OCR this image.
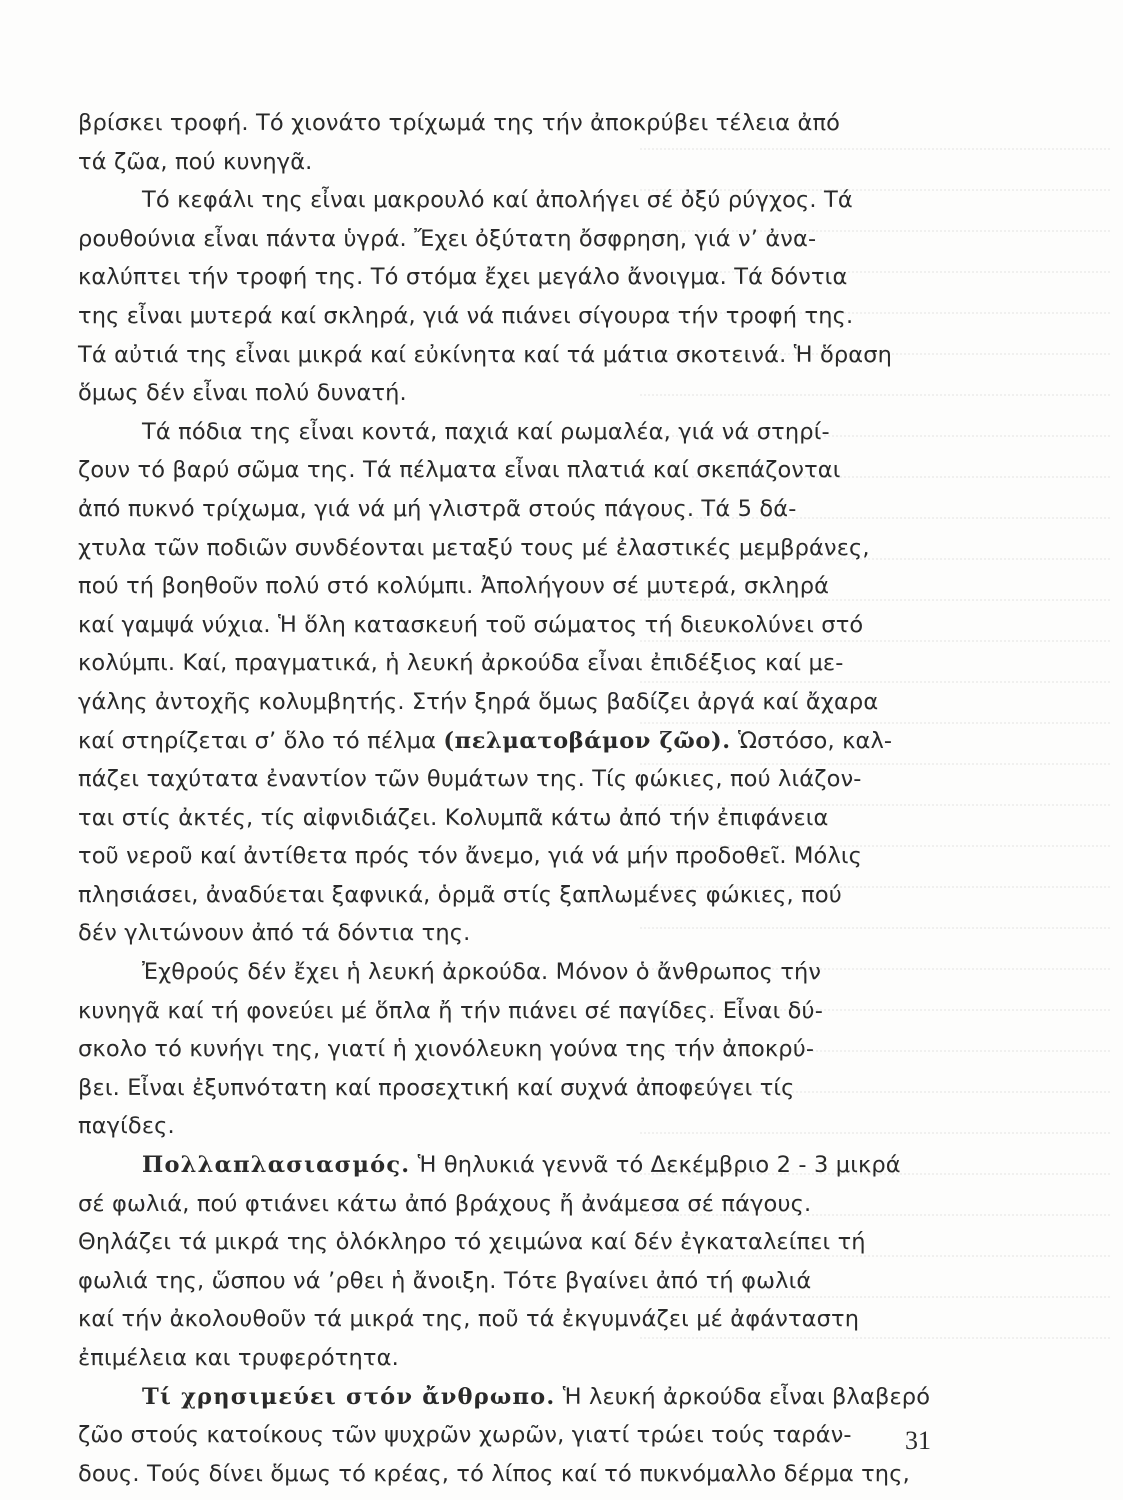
βρίσκει τροφή. Τό χιονάτο τρίχωμά της τήν ἀποκρύβει τέλεια ἀπό
τά ζῶα, πού κυνηγᾶ.

Τό κεφάλι της εἶναι μακρουλό καί ἀπολήγει σέ ὀξύ ρύγχος. Τά
ρουθούνια εἶναι πάντα ὑγρά. Ἔχει ὀξύτατη ὄσφρηση, γιά ν’ ἀνα-
καλύπτει τήν τροφή της. Τό στόμα ἔχει μεγάλο ἄνοιγμα. Τά δόντια
της εἶναι μυτερά καί σκληρά, γιά νά πιάνει σίγουρα τήν τροφή της.
Τά αὐτιά της εἶναι μικρά καί εὐκίνητα καί τά μάτια σκοτεινά. Ἡ ὅραση
ὅμως δέν εἶναι πολύ δυνατή.

Τά πόδια της εἶναι κοντά, παχιά καί ρωμαλέα, γιά νά στηρί-
ζουν τό βαρύ σῶμα της. Τά πέλματα εἶναι πλατιά καί σκεπάζονται
ἀπό πυκνό τρίχωμα, γιά νά μή γλιστρᾶ στούς πάγους. Τά 5 δά-
χτυλα τῶν ποδιῶν συνδέονται μεταξύ τους μέ ἐλαστικές μεμβράνες,
πού τή βοηθοῦν πολύ στό κολύμπι. Ἀπολήγουν σέ μυτερά, σκληρά
καί γαμψά νύχια. Ἡ ὅλη κατασκευή τοῦ σώματος τή διευκολύνει στό
κολύμπι. Καί, πραγματικά, ἡ λευκή ἀρκούδα εἶναι ἐπιδέξιος καί με-
γάλης ἀντοχῆς κολυμβητής. Στήν ξηρά ὅμως βαδίζει ἀργά καί ἄχαρα
καί στηρίζεται σ’ ὅλο τό πέλμα (πελματοβάμον ζῶο). Ὡστόσο, καλ-
πάζει ταχύτατα ἐναντίον τῶν θυμάτων της. Τίς φώκιες, πού λιάζον-
ται στίς ἀκτές, τίς αἰφνιδιάζει. Κολυμπᾶ κάτω ἀπό τήν ἐπιφάνεια
τοῦ νεροῦ καί ἀντίθετα πρός τόν ἄνεμο, γιά νά μήν προδοθεῖ. Μόλις
πλησιάσει, ἀναδύεται ξαφνικά, ὁρμᾶ στίς ξαπλωμένες φώκιες, πού
δέν γλιτώνουν ἀπό τά δόντια της.

Ἐχθρούς δέν ἔχει ἡ λευκή ἀρκούδα. Μόνον ὁ ἄνθρωπος τήν
κυνηγᾶ καί τή φονεύει μέ ὅπλα ἤ τήν πιάνει σέ παγίδες. Εἶναι δύ-
σκολο τό κυνήγι της, γιατί ἡ χιονόλευκη γούνα της τήν ἀποκρύ-
βει. Εἶναι ἐξυπνότατη καί προσεχτική καί συχνά ἀποφεύγει τίς
παγίδες.

Πολλαπλασιασμός. Ἡ θηλυκιά γεννᾶ τό Δεκέμβριο 2 - 3 μικρά
σέ φωλιά, πού φτιάνει κάτω ἀπό βράχους ἤ ἀνάμεσα σέ πάγους.
Θηλάζει τά μικρά της ὁλόκληρο τό χειμώνα καί δέν ἐγκαταλείπει τή
φωλιά της, ὥσπου νά ’ρθει ἡ ἄνοιξη. Τότε βγαίνει ἀπό τή φωλιά
καί τήν ἀκολουθοῦν τά μικρά της, ποῦ τά ἐκγυμνάζει μέ ἀφάνταστη
ἐπιμέλεια και τρυφερότητα.

Τί χρησιμεύει στόν ἄνθρωπο. Ἡ λευκή ἀρκούδα εἶναι βλαβερό
ζῶο στούς κατοίκους τῶν ψυχρῶν χωρῶν, γιατί τρώει τούς ταράν-
δους. Τούς δίνει ὅμως τό κρέας, τό λίπος καί τό πυκνόμαλλο δέρμα της,

31
